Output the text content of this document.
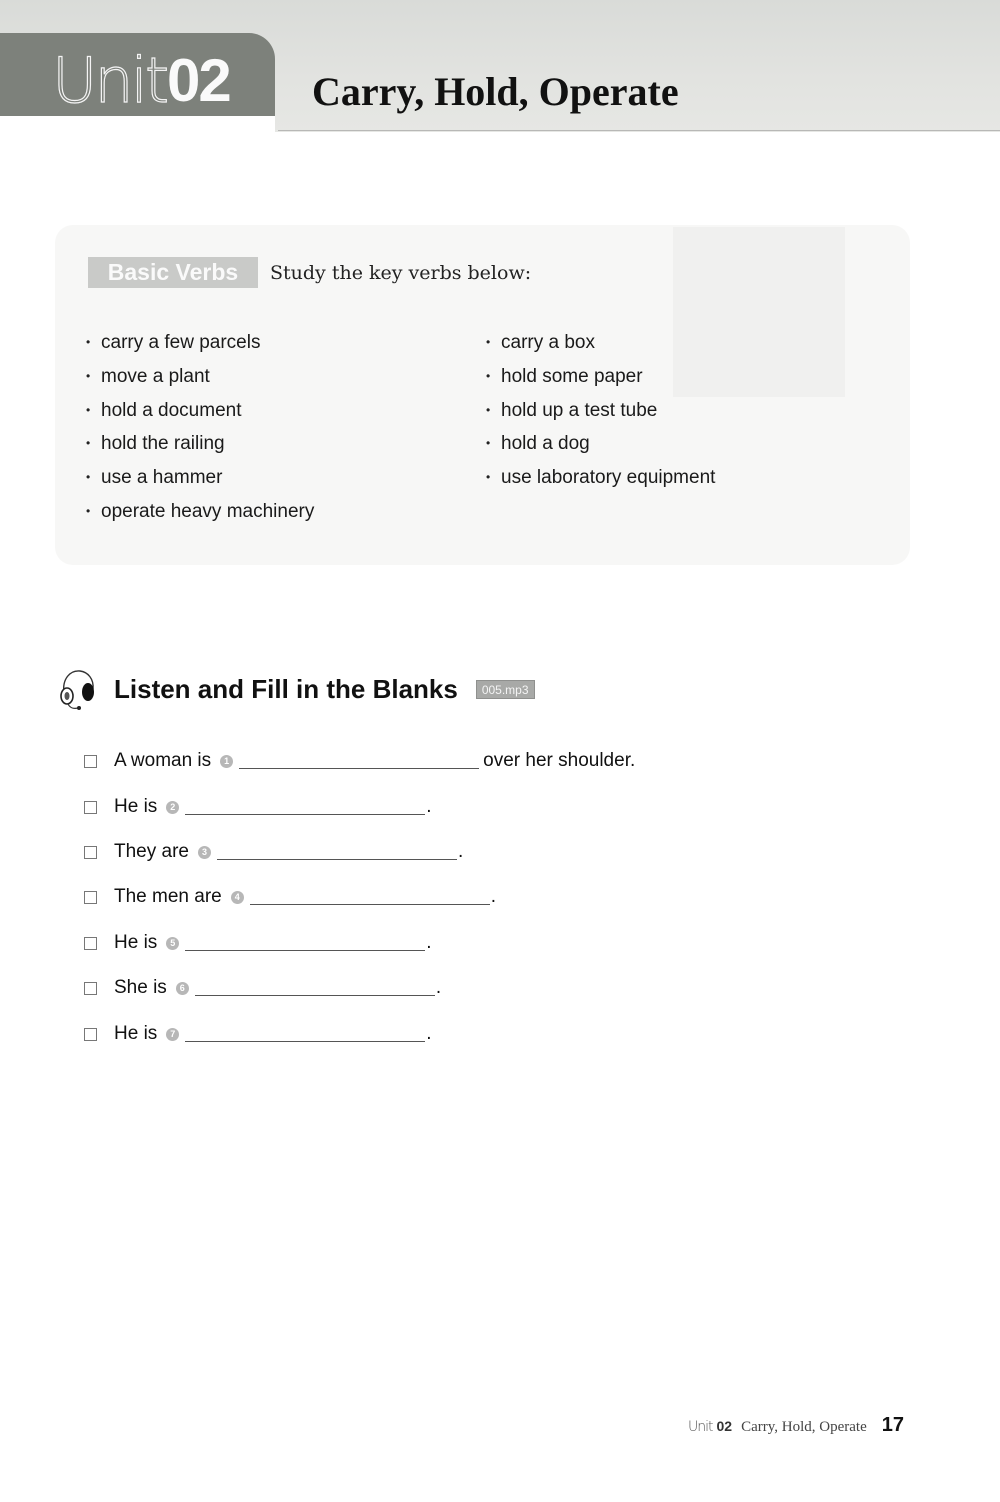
Unit 02 Carry, Hold, Operate
Basic Verbs	Study the key verbs below:
• carry a few parcels
• move a plant
• hold a document
• hold the railing
• use a hammer
• operate heavy machinery
• carry a box
• hold some paper
• hold up a test tube
• hold a dog
• use laboratory equipment
Listen and Fill in the Blanks	005.mp3
A woman is	1	over her shoulder.
He is	2	.
They are	3	.
The men are	4	.
He is	5	.
She is	6	.
He is	7	.
Unit 02 Carry, Hold, Operate 17
